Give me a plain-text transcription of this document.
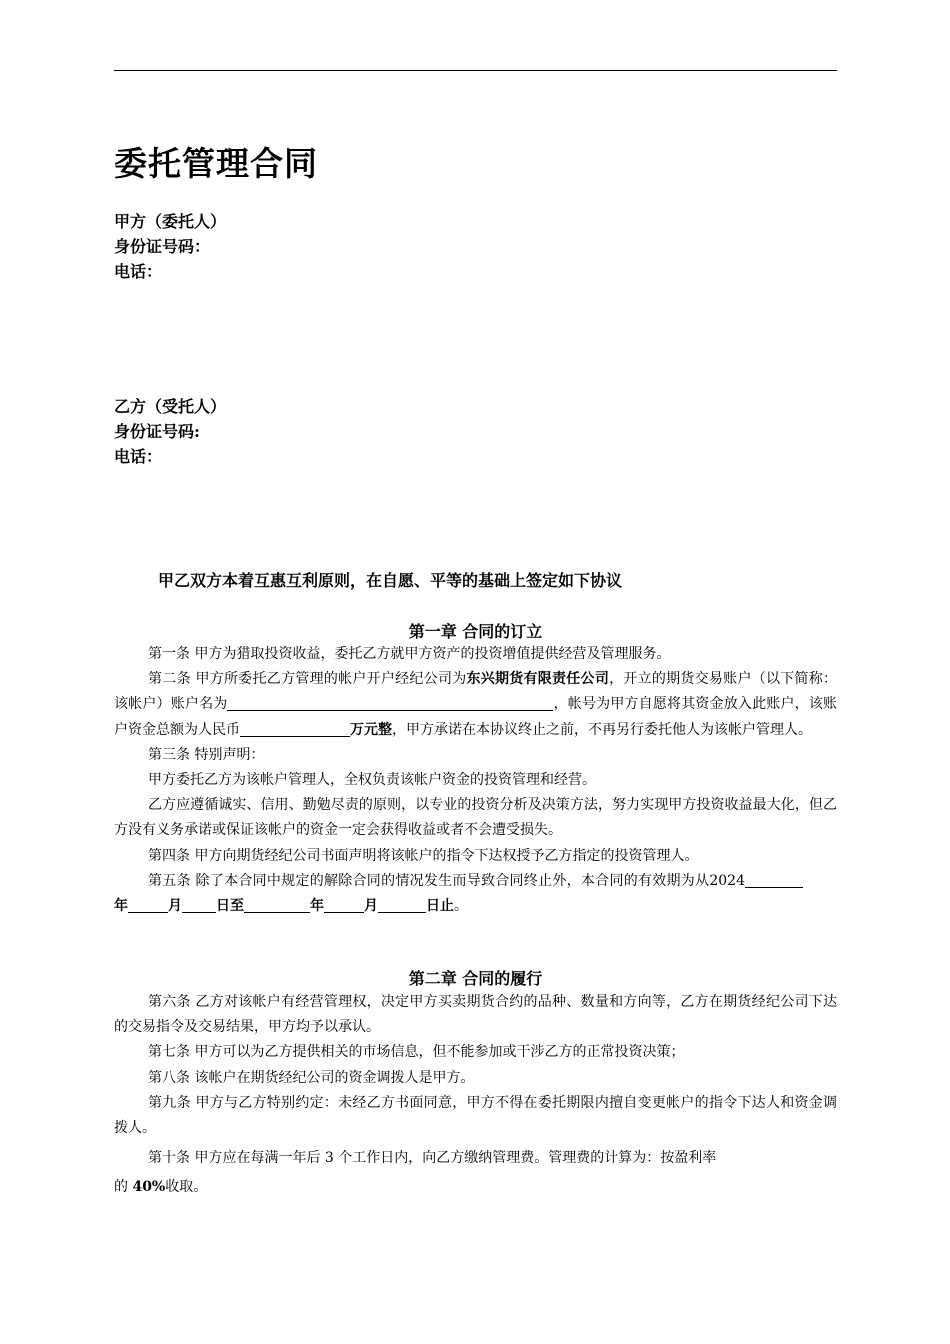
委托管理合同
甲方（委托人）
身份证号码：
电话：
乙方（受托人）
身份证号码:
电话：
甲乙双方本着互惠互利原则，在自愿、平等的基础上签定如下协议
第一章 合同的订立

第一条 甲方为猎取投资收益，委托乙方就甲方资产的投资增值提供经营及管理服务。

第二条 甲方所委托乙方管理的帐户开户经纪公司为东兴期货有限责任公司，开立的期货交易账户（以下简称：该帐户）账户名为	，帐号为甲方自愿将其资金放入此账户，该账户资金总额为人民币	万元整，甲方承诺在本协议终止之前，不再另行委托他人为该帐户管理人。

第三条 特别声明：

甲方委托乙方为该帐户管理人，全权负责该帐户资金的投资管理和经营。

乙方应遵循诚实、信用、勤勉尽责的原则，以专业的投资分析及决策方法，努力实现甲方投资收益最大化，但乙方没有义务承诺或保证该帐户的资金一定会获得收益或者不会遭受损失。

第四条 甲方向期货经纪公司书面声明将该帐户的指令下达权授予乙方指定的投资管理人。

第五条 除了本合同中规定的解除合同的情况发生而导致合同终止外，本合同的有效期为从2024年	月 日至	年	月	日止。

第二章 合同的履行

第六条 乙方对该帐户有经营管理权，决定甲方买卖期货合约的品种、数量和方向等，乙方在期货经纪公司下达的交易指令及交易结果，甲方均予以承认。

第七条 甲方可以为乙方提供相关的市场信息，但不能参加或干涉乙方的正常投资决策；

第八条 该帐户在期货经纪公司的资金调拨人是甲方。

第九条 甲方与乙方特别约定：未经乙方书面同意，甲方不得在委托期限内擅自变更帐户的指令下达人和资金调拨人。

第十条 甲方应在每满一年后 3 个工作日内，向乙方缴纳管理费。管理费的计算为：按盈利率

的 40%收取。
